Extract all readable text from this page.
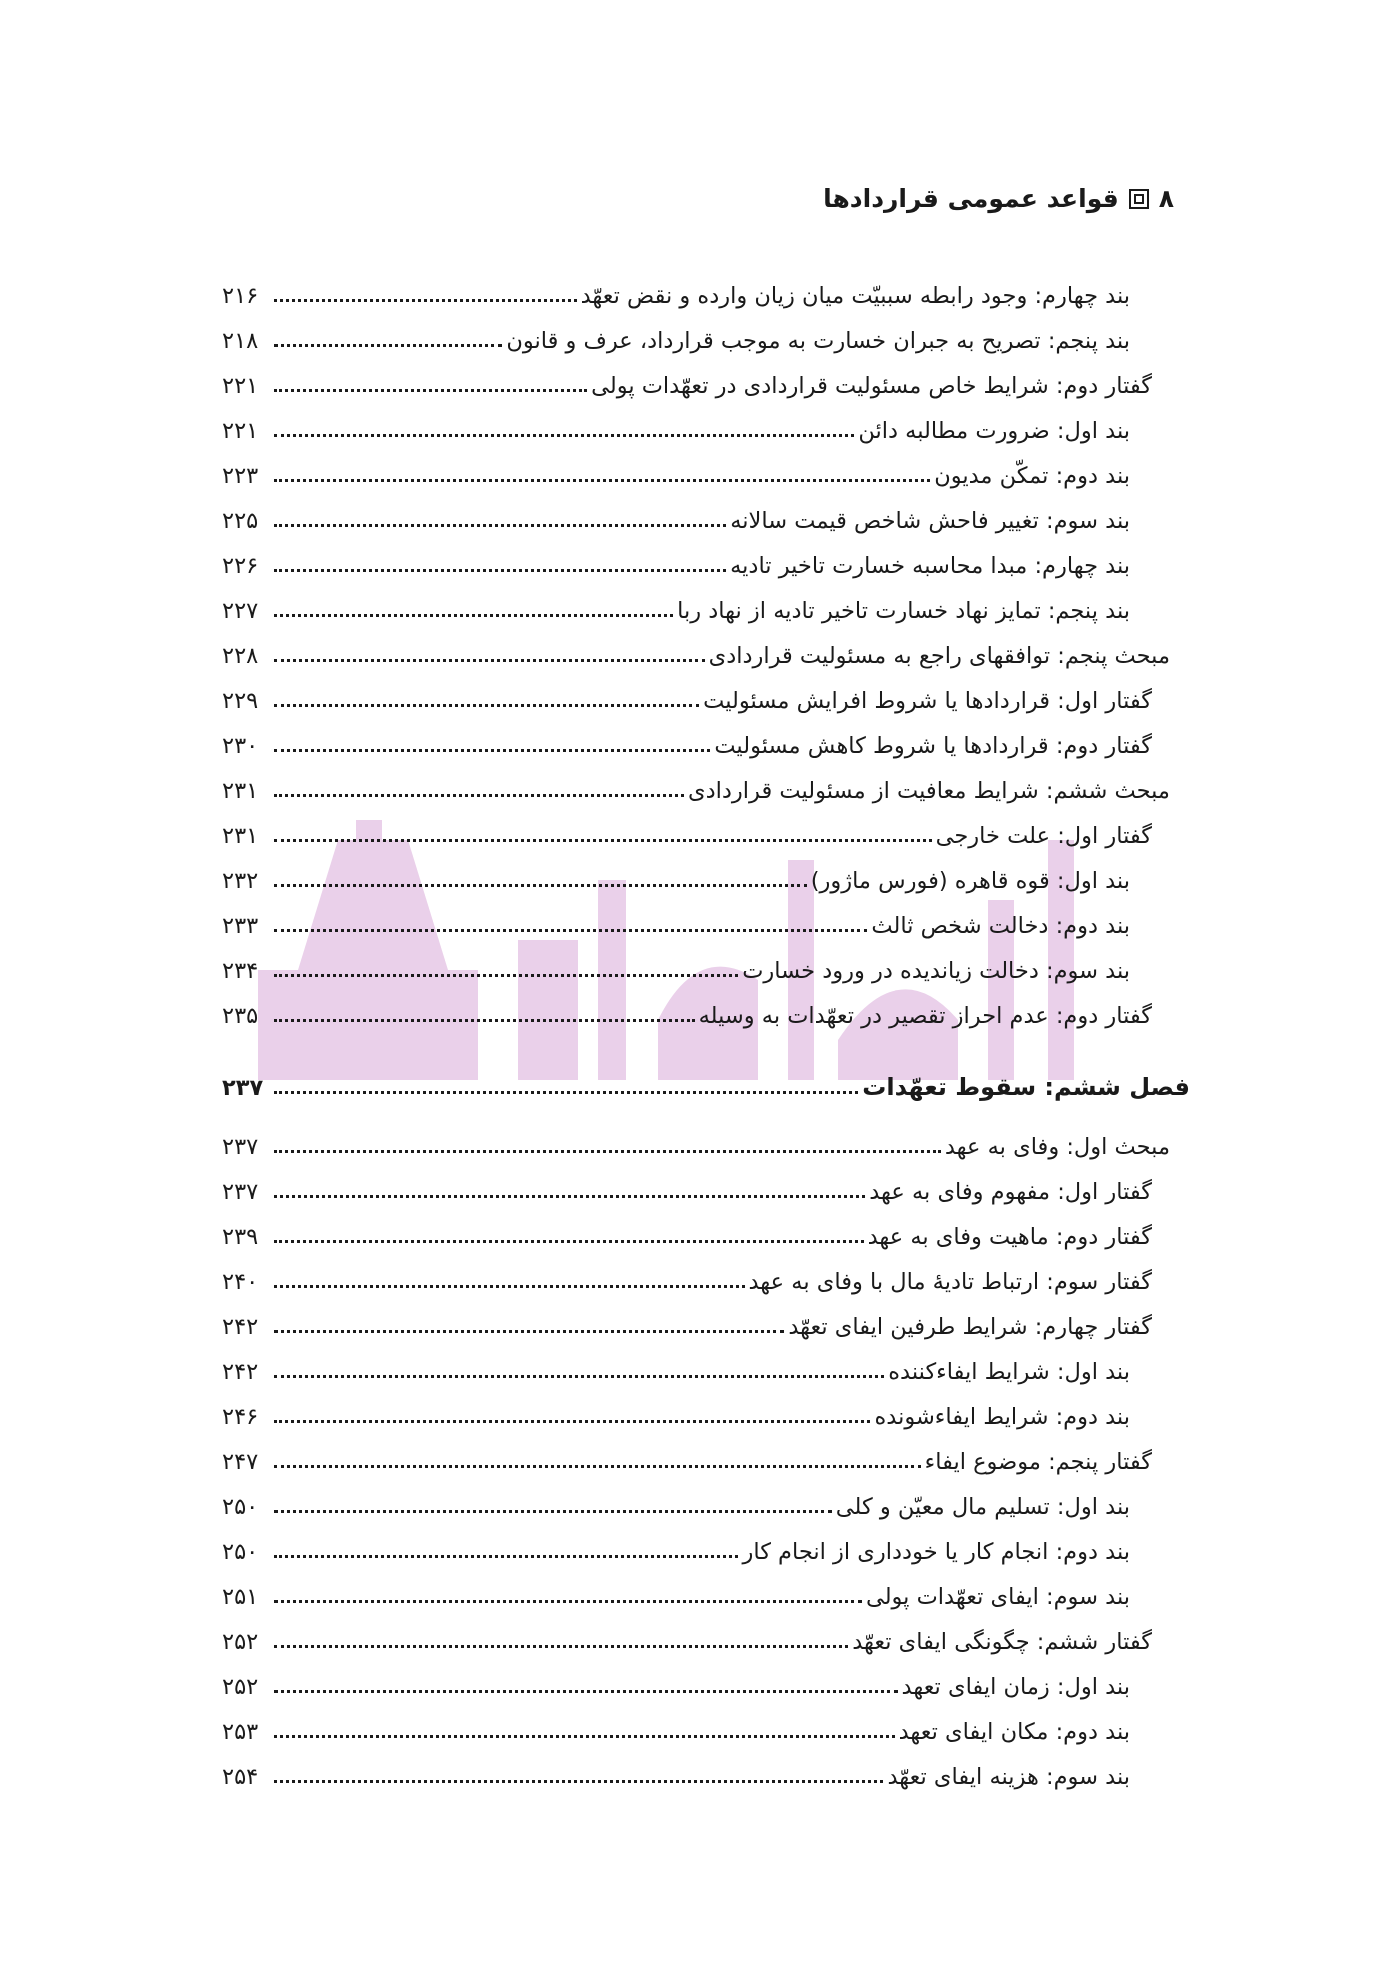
۸
قواعد عمومی قراردادها
بند چهارم: وجود رابطه سببیّت میان زیان وارده و نقض تعهّد
۲۱۶
بند پنجم: تصریح به جبران خسارت به موجب قرارداد، عرف و قانون
۲۱۸
گفتار دوم: شرایط خاص مسئولیت قراردادی در تعهّدات پولی
۲۲۱
بند اول: ضرورت مطالبه دائن
۲۲۱
بند دوم: تمکّن مدیون
۲۲۳
بند سوم: تغییر فاحش شاخص قیمت سالانه
۲۲۵
بند چهارم: مبدا محاسبه خسارت تاخیر تادیه
۲۲۶
بند پنجم: تمایز نهاد خسارت تاخیر تادیه از نهاد ربا
۲۲۷
مبحث پنجم: توافقهای راجع به مسئولیت قراردادی
۲۲۸
گفتار اول: قراردادها یا شروط افرایش مسئولیت
۲۲۹
گفتار دوم: قراردادها یا شروط کاهش مسئولیت
۲۳۰
مبحث ششم: شرایط معافیت از مسئولیت قراردادی
۲۳۱
گفتار اول: علت خارجی
۲۳۱
بند اول: قوه قاهره (فورس ماژور)
۲۳۲
بند دوم: دخالت شخص ثالث
۲۳۳
بند سوم: دخالت زیاندیده در ورود خسارت
۲۳۴
گفتار دوم: عدم احراز تقصیر در تعهّدات به وسیله
۲۳۵
فصل ششم: سقوط تعهّدات
۲۳۷
مبحث اول: وفای به عهد
۲۳۷
گفتار اول: مفهوم وفای به عهد
۲۳۷
گفتار دوم: ماهیت وفای به عهد
۲۳۹
گفتار سوم: ارتباط تادیهٔ مال با وفای به عهد
۲۴۰
گفتار چهارم: شرایط طرفین ایفای تعهّد
۲۴۲
بند اول: شرایط ایفاءکننده
۲۴۲
بند دوم: شرایط ایفاءشونده
۲۴۶
گفتار پنجم: موضوع ایفاء
۲۴۷
بند اول: تسلیم مال معیّن و کلی
۲۵۰
بند دوم: انجام کار یا خودداری از انجام کار
۲۵۰
بند سوم: ایفای تعهّدات پولی
۲۵۱
گفتار ششم: چگونگی ایفای تعهّد
۲۵۲
بند اول: زمان ایفای تعهد
۲۵۲
بند دوم: مکان ایفای تعهد
۲۵۳
بند سوم: هزینه ایفای تعهّد
۲۵۴
